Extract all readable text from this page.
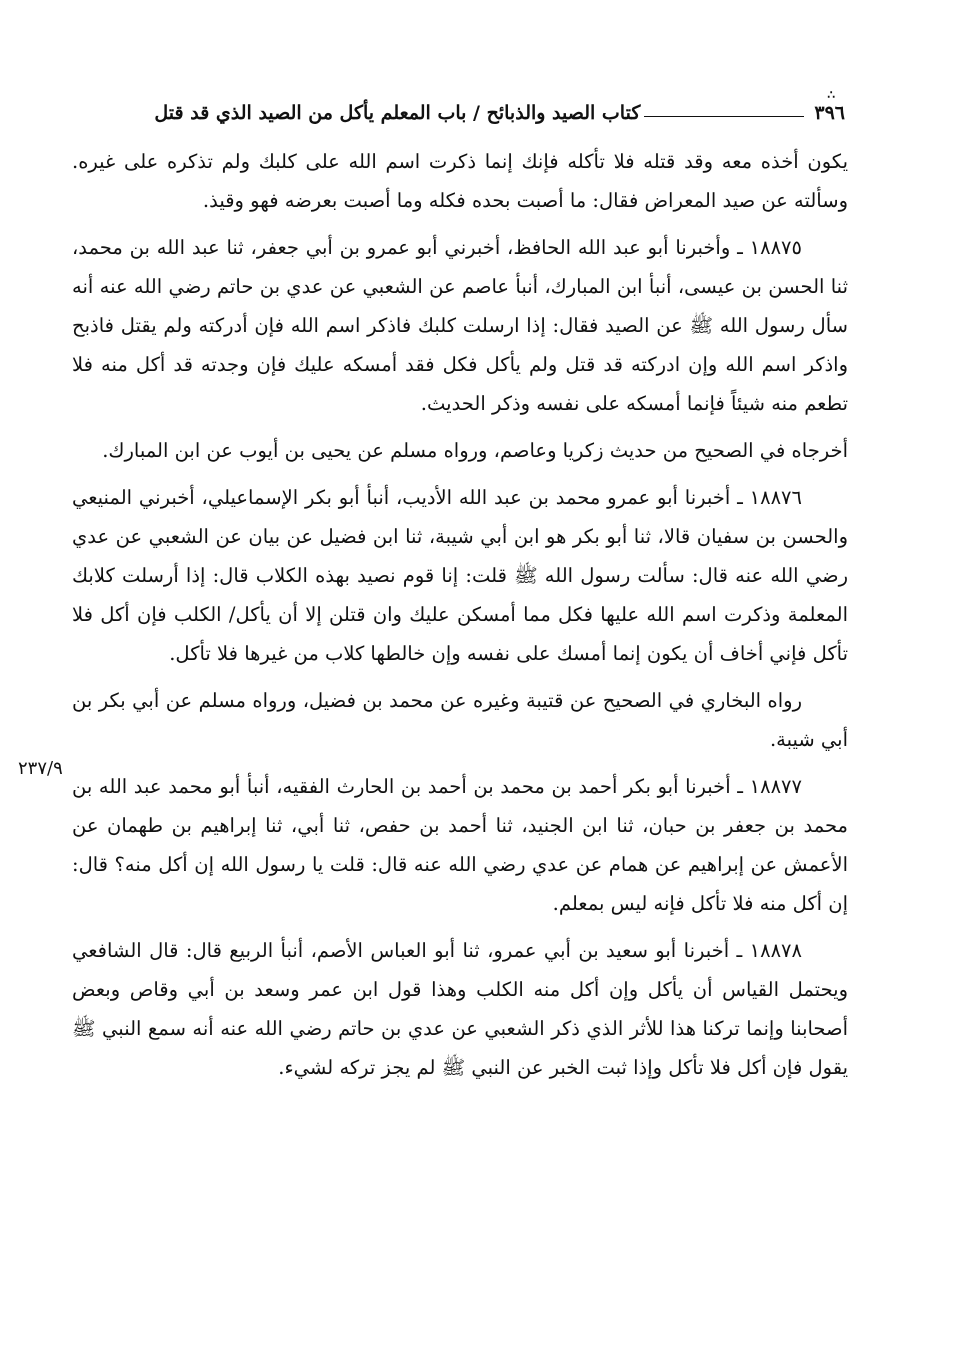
∴
٣٩٦
كتاب الصيد والذبائح / باب المعلم يأكل من الصيد الذي قد قتل
٢٣٧/٩

يكون أخذه معه وقد قتله فلا تأكله فإنك إنما ذكرت اسم الله على كلبك ولم تذكره على غيره. وسألته عن صيد المعراض فقال: ما أصبت بحده فكله وما أصبت بعرضه فهو وقيذ.

١٨٨٧٥ ـ وأخبرنا أبو عبد الله الحافظ، أخبرني أبو عمرو بن أبي جعفر، ثنا عبد الله بن محمد، ثنا الحسن بن عيسى، أنبأ ابن المبارك، أنبأ عاصم عن الشعبي عن عدي بن حاتم رضي الله عنه أنه سأل رسول الله ﷺ عن الصيد فقال: إذا ارسلت كلبك فاذكر اسم الله فإن أدركته ولم يقتل فاذبح واذكر اسم الله وإن ادركته قد قتل ولم يأكل فكل فقد أمسكه عليك فإن وجدته قد أكل منه فلا تطعم منه شيئاً فإنما أمسكه على نفسه وذكر الحديث.

أخرجاه في الصحيح من حديث زكريا وعاصم، ورواه مسلم عن يحيى بن أيوب عن ابن المبارك.

١٨٨٧٦ ـ أخبرنا أبو عمرو محمد بن عبد الله الأديب، أنبأ أبو بكر الإسماعيلي، أخبرني المنيعي والحسن بن سفيان قالا، ثنا أبو بكر هو ابن أبي شيبة، ثنا ابن فضيل عن بيان عن الشعبي عن عدي رضي الله عنه قال: سألت رسول الله ﷺ قلت: إنا قوم نصيد بهذه الكلاب قال: إذا أرسلت كلابك المعلمة وذكرت اسم الله عليها فكل مما أمسكن عليك وان قتلن إلا أن يأكل/ الكلب فإن أكل فلا تأكل فإني أخاف أن يكون إنما أمسك على نفسه وإن خالطها كلاب من غيرها فلا تأكل.

رواه البخاري في الصحيح عن قتيبة وغيره عن محمد بن فضيل، ورواه مسلم عن أبي بكر بن أبي شيبة.

١٨٨٧٧ ـ أخبرنا أبو بكر أحمد بن محمد بن أحمد بن الحارث الفقيه، أنبأ أبو محمد عبد الله بن محمد بن جعفر بن حبان، ثنا ابن الجنيد، ثنا أحمد بن حفص، ثنا أبي، ثنا إبراهيم بن طهمان عن الأعمش عن إبراهيم عن همام عن عدي رضي الله عنه قال: قلت يا رسول الله إن أكل منه؟ قال: إن أكل منه فلا تأكل فإنه ليس بمعلم.

١٨٨٧٨ ـ أخبرنا أبو سعيد بن أبي عمرو، ثنا أبو العباس الأصم، أنبأ الربيع قال: قال الشافعي ويحتمل القياس أن يأكل وإن أكل منه الكلب وهذا قول ابن عمر وسعد بن أبي وقاص وبعض أصحابنا وإنما تركنا هذا للأثر الذي ذكر الشعبي عن عدي بن حاتم رضي الله عنه أنه سمع النبي ﷺ يقول فإن أكل فلا تأكل وإذا ثبت الخبر عن النبي ﷺ لم يجز تركه لشيء.
